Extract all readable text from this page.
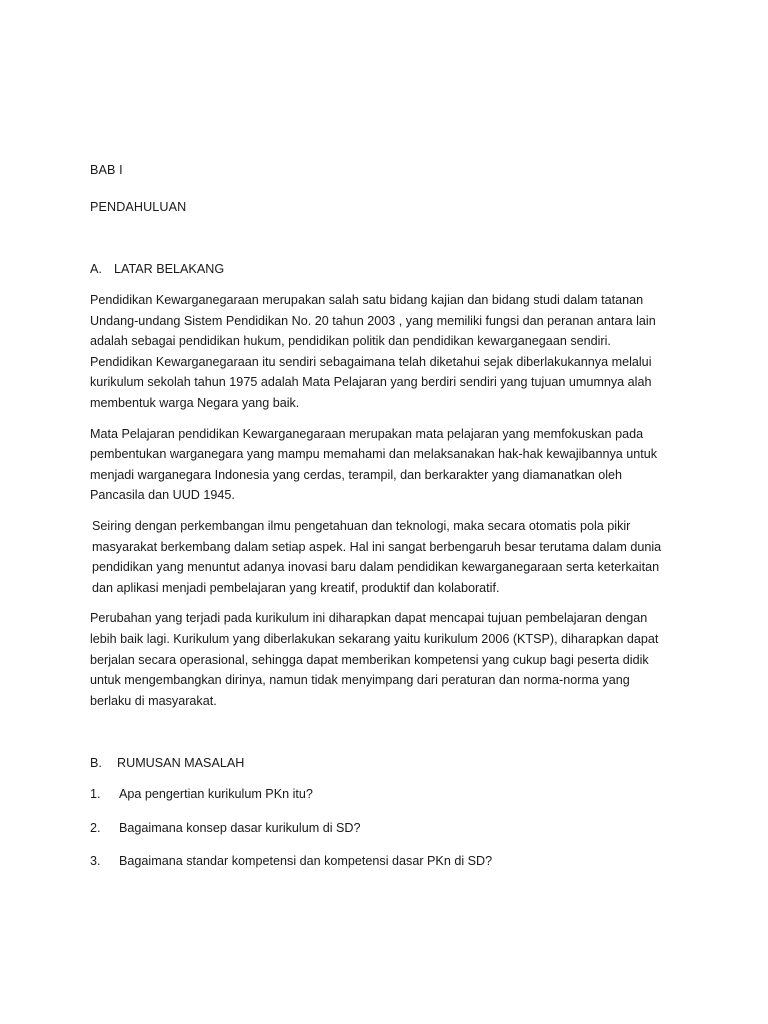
BAB I

PENDAHULUAN

A. LATAR BELAKANG

Pendidikan Kewarganegaraan merupakan salah satu bidang kajian dan bidang studi dalam tatanan Undang-undang Sistem Pendidikan No. 20 tahun 2003 , yang memiliki fungsi dan peranan antara lain adalah sebagai pendidikan hukum, pendidikan politik dan pendidikan kewarganegaan sendiri. Pendidikan Kewarganegaraan itu sendiri sebagaimana telah diketahui sejak diberlakukannya melalui kurikulum sekolah tahun 1975 adalah Mata Pelajaran yang berdiri sendiri yang tujuan umumnya alah membentuk warga Negara yang baik.

Mata Pelajaran pendidikan Kewarganegaraan merupakan mata pelajaran yang memfokuskan pada pembentukan warganegara yang mampu memahami dan melaksanakan hak-hak kewajibannya untuk menjadi warganegara Indonesia yang cerdas, terampil, dan berkarakter yang diamanatkan oleh Pancasila dan UUD 1945.

Seiring dengan perkembangan ilmu pengetahuan dan teknologi, maka secara otomatis pola pikir masyarakat berkembang dalam setiap aspek. Hal ini sangat berbengaruh besar terutama dalam dunia pendidikan yang menuntut adanya inovasi baru dalam pendidikan kewarganegaraan serta keterkaitan dan aplikasi menjadi pembelajaran yang kreatif, produktif dan kolaboratif.

Perubahan yang terjadi pada kurikulum ini diharapkan dapat mencapai tujuan pembelajaran dengan lebih baik lagi. Kurikulum yang diberlakukan sekarang yaitu kurikulum 2006 (KTSP), diharapkan dapat berjalan secara operasional, sehingga dapat memberikan kompetensi yang cukup bagi peserta didik untuk mengembangkan dirinya, namun tidak menyimpang dari peraturan dan norma-norma yang berlaku di masyarakat.

B.	RUMUSAN MASALAH
1.	Apa pengertian kurikulum PKn itu?
2.	Bagaimana konsep dasar kurikulum di SD?
3.	Bagaimana standar kompetensi dan kompetensi dasar PKn di SD?
